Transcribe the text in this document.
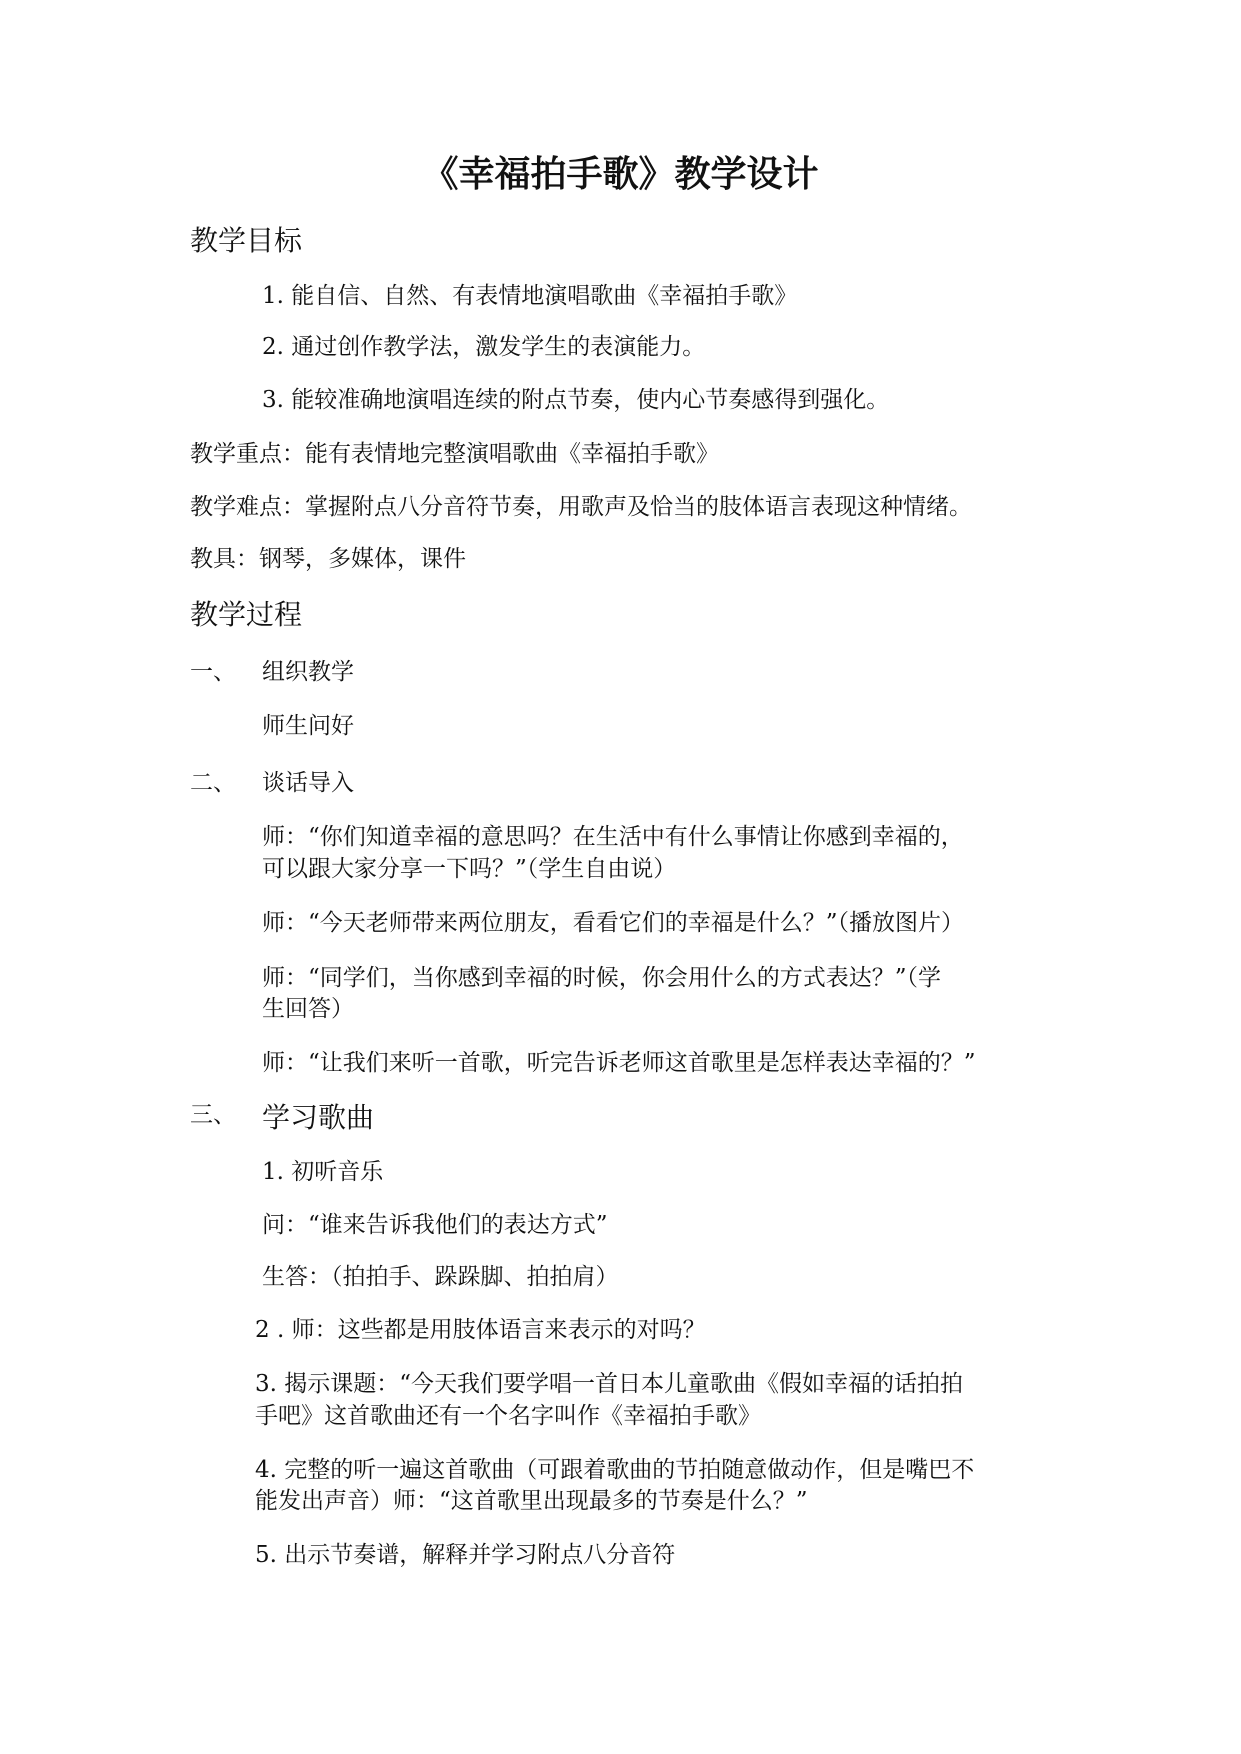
《幸福拍手歌》教学设计
教学目标
1. 能自信、自然、有表情地演唱歌曲《幸福拍手歌》
2. 通过创作教学法，激发学生的表演能力。
3. 能较准确地演唱连续的附点节奏，使内心节奏感得到强化。
教学重点：能有表情地完整演唱歌曲《幸福拍手歌》
教学难点：掌握附点八分音符节奏，用歌声及恰当的肢体语言表现这种情绪。
教具：钢琴，多媒体，课件
教学过程
一、 组织教学
师生问好
二、 谈话导入
师：“你们知道幸福的意思吗？在生活中有什么事情让你感到幸福的，
可以跟大家分享一下吗？”（学生自由说）
师：“今天老师带来两位朋友，看看它们的幸福是什么？”（播放图片）
师：“同学们，当你感到幸福的时候，你会用什么的方式表达？”（学
生回答）
师：“让我们来听一首歌，听完告诉老师这首歌里是怎样表达幸福的？”
三、 学习歌曲
1. 初听音乐
问：“谁来告诉我他们的表达方式”
生答：（拍拍手、跺跺脚、拍拍肩）
2 . 师：这些都是用肢体语言来表示的对吗？
3. 揭示课题：“今天我们要学唱一首日本儿童歌曲《假如幸福的话拍拍
手吧》这首歌曲还有一个名字叫作《幸福拍手歌》
4. 完整的听一遍这首歌曲（可跟着歌曲的节拍随意做动作，但是嘴巴不
能发出声音）师：“这首歌里出现最多的节奏是什么？”
5. 出示节奏谱，解释并学习附点八分音符
